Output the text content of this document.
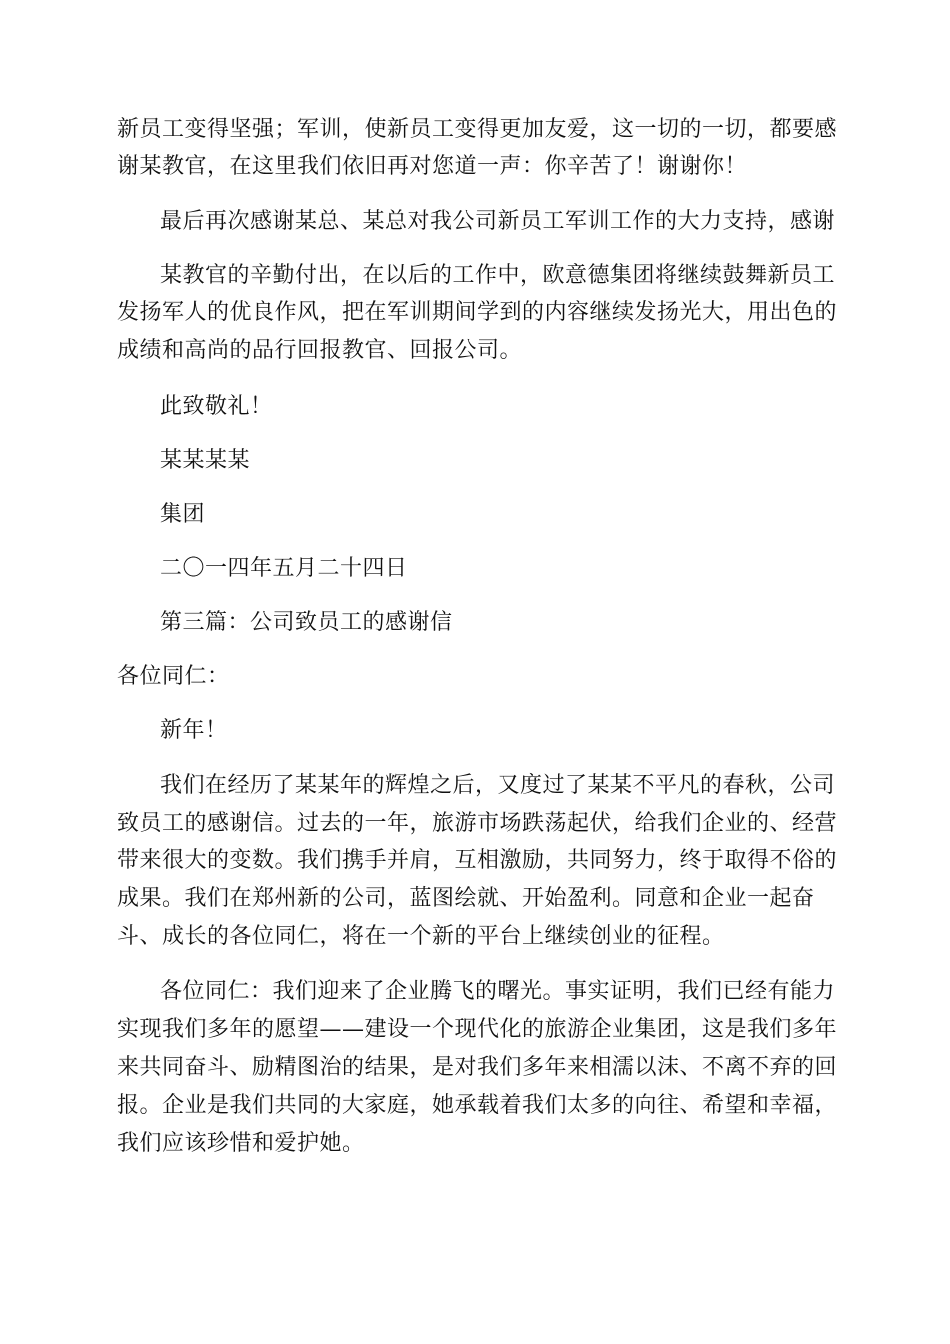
新员工变得坚强；军训，使新员工变得更加友爱，这一切的一切，都要感
谢某教官，在这里我们依旧再对您道一声：你辛苦了！谢谢你！
最后再次感谢某总、某总对我公司新员工军训工作的大力支持，感谢
某教官的辛勤付出，在以后的工作中，欧意德集团将继续鼓舞新员工
发扬军人的优良作风，把在军训期间学到的内容继续发扬光大，用出色的
成绩和高尚的品行回报教官、回报公司。
此致敬礼！
某某某某
集团
二〇一四年五月二十四日
第三篇：公司致员工的感谢信
各位同仁：
新年！
我们在经历了某某年的辉煌之后，又度过了某某不平凡的春秋，公司
致员工的感谢信。过去的一年，旅游市场跌荡起伏，给我们企业的、经营
带来很大的变数。我们携手并肩，互相激励，共同努力，终于取得不俗的
成果。我们在郑州新的公司，蓝图绘就、开始盈利。同意和企业一起奋
斗、成长的各位同仁，将在一个新的平台上继续创业的征程。
各位同仁：我们迎来了企业腾飞的曙光。事实证明，我们已经有能力
实现我们多年的愿望——建设一个现代化的旅游企业集团，这是我们多年
来共同奋斗、励精图治的结果，是对我们多年来相濡以沫、不离不弃的回
报。企业是我们共同的大家庭，她承载着我们太多的向往、希望和幸福，
我们应该珍惜和爱护她。
